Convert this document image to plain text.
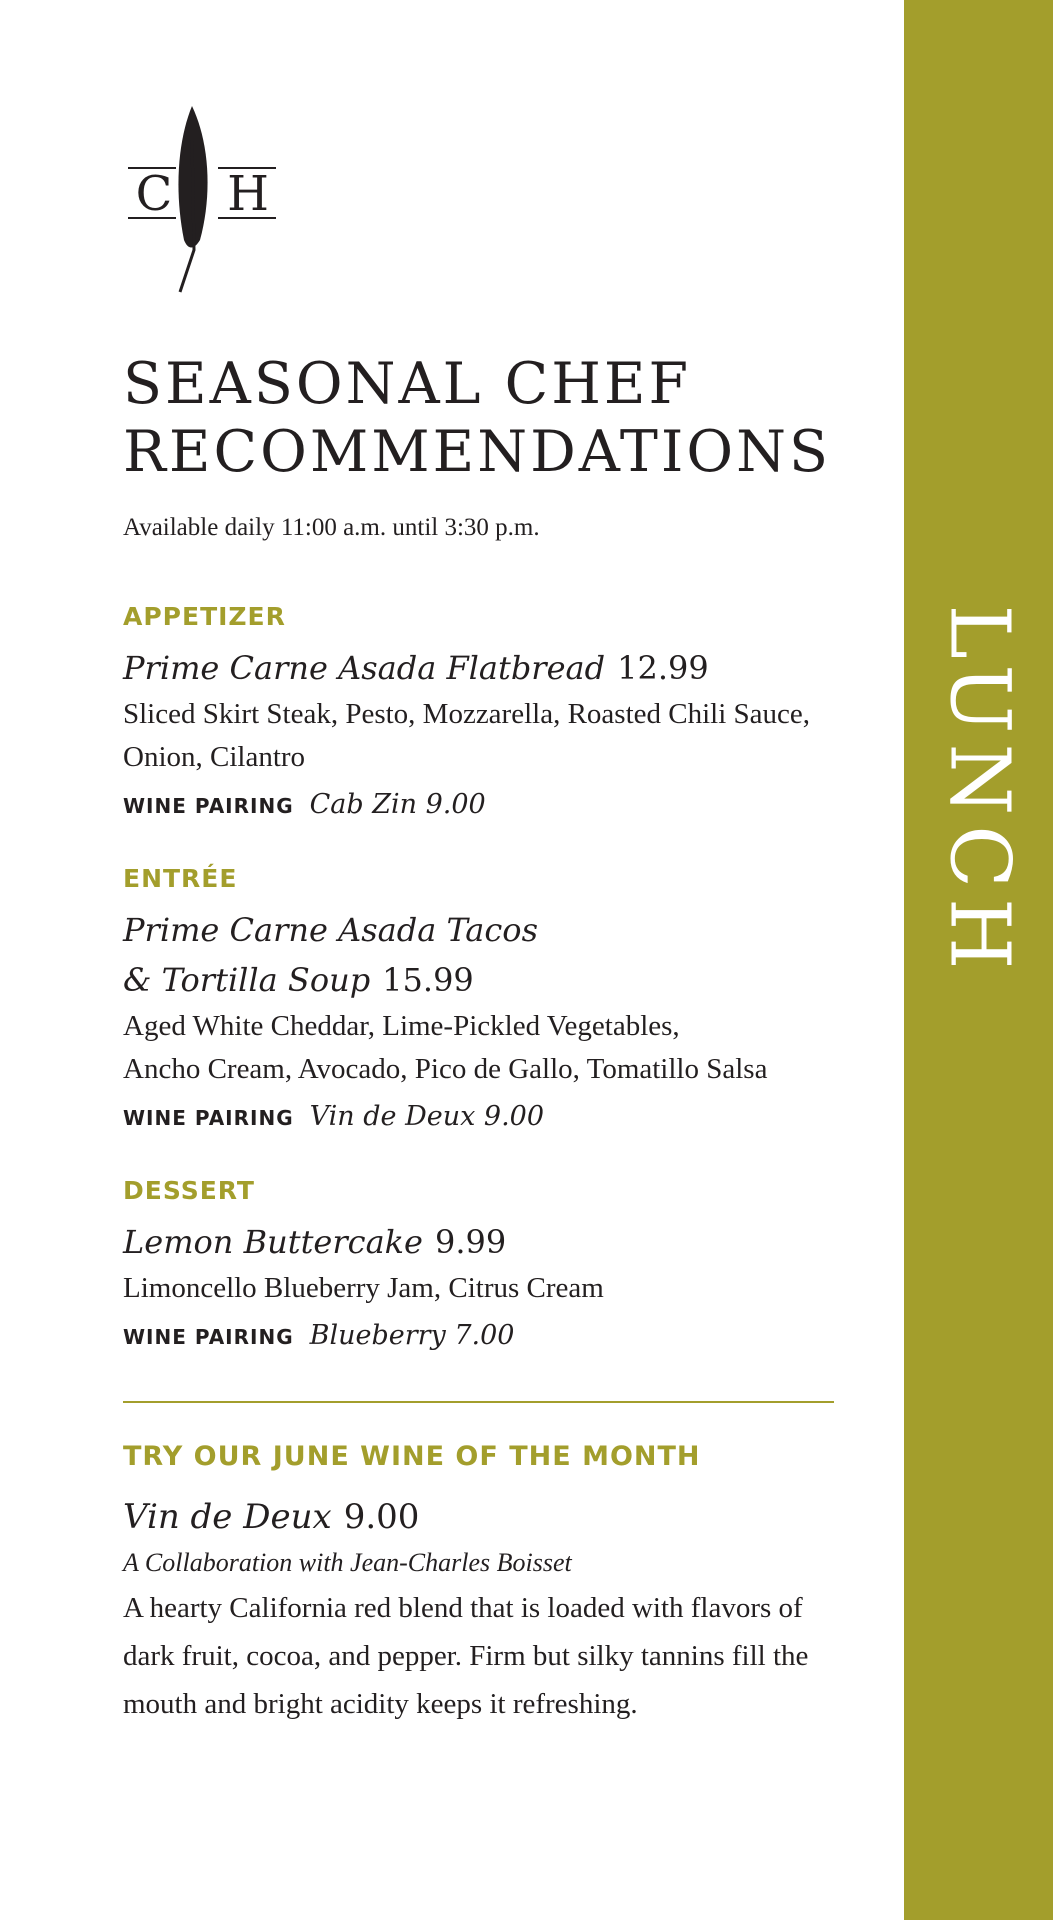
C H
SEASONAL CHEF
RECOMMENDATIONS
Available daily 11:00 a.m. until 3:30 p.m.
APPETIZER
Prime Carne Asada Flatbread 12.99
Sliced Skirt Steak, Pesto, Mozzarella, Roasted Chili Sauce,
Onion, Cilantro
WINE PAIRING Cab Zin 9.00
ENTRÉE
Prime Carne Asada Tacos
& Tortilla Soup 15.99
Aged White Cheddar, Lime-Pickled Vegetables,
Ancho Cream, Avocado, Pico de Gallo, Tomatillo Salsa
WINE PAIRING Vin de Deux 9.00
DESSERT
Lemon Buttercake 9.99
Limoncello Blueberry Jam, Citrus Cream
WINE PAIRING Blueberry 7.00
TRY OUR JUNE WINE OF THE MONTH
Vin de Deux 9.00
A Collaboration with Jean-Charles Boisset
A hearty California red blend that is loaded with flavors of
dark fruit, cocoa, and pepper. Firm but silky tannins fill the
mouth and bright acidity keeps it refreshing.
LUNCH
